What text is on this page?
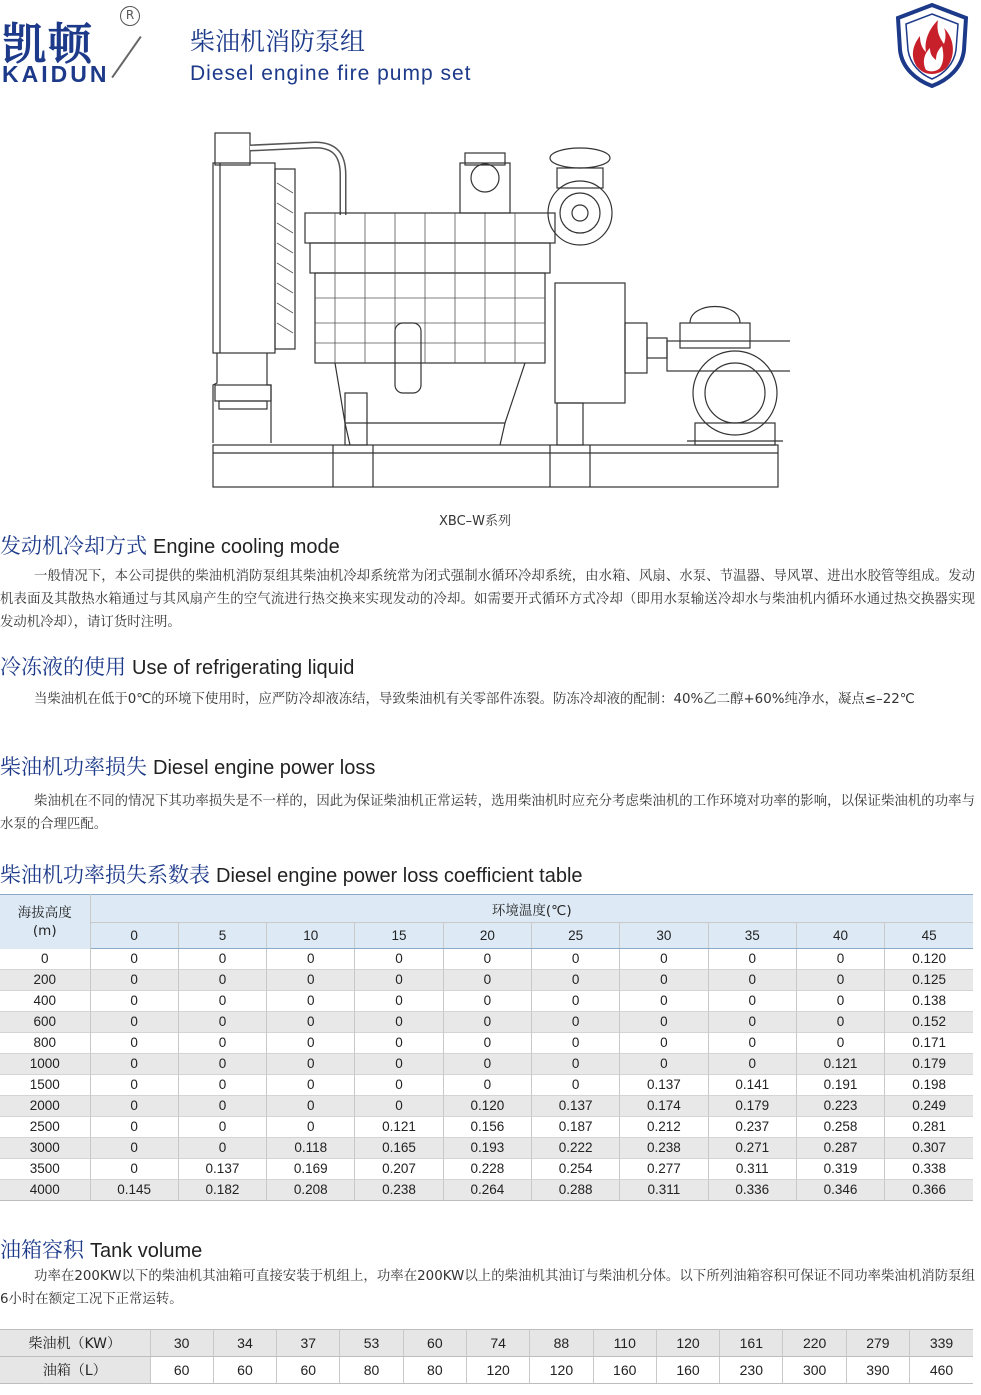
凯顿
R
KAIDUN
柴油机消防泵组
Diesel engine fire pump set
XBC–W系列
发动机冷却方式 Engine cooling mode

一般情况下，本公司提供的柴油机消防泵组其柴油机冷却系统常为闭式强制水循环冷却系统，由水箱、风扇、水泵、节温器、导风罩、进出水胶管等组成。发动机表面及其散热水箱通过与其风扇产生的空气流进行热交换来实现发动的冷却。如需要开式循环方式冷却（即用水泵输送冷却水与柴油机内循环水通过热交换器实现发动机冷却），请订货时注明。

冷冻液的使用 Use of refrigerating liquid

当柴油机在低于0℃的环境下使用时，应严防冷却液冻结，导致柴油机有关零部件冻裂。防冻冷却液的配制：40%乙二醇+60%纯净水，凝点≤–22℃

柴油机功率损失 Diesel engine power loss

柴油机在不同的情况下其功率损失是不一样的，因此为保证柴油机正常运转，选用柴油机时应充分考虑柴油机的工作环境对功率的影响，以保证柴油机的功率与水泵的合理匹配。

柴油机功率损失系数表 Diesel engine power loss coefficient table
海拔高度
(m)	环境温度(℃)									
	0	5	10	15	20	25	30	35	40	45
0	0	0	0	0	0	0	0	0	0	0.120
200	0	0	0	0	0	0	0	0	0	0.125
400	0	0	0	0	0	0	0	0	0	0.138
600	0	0	0	0	0	0	0	0	0	0.152
800	0	0	0	0	0	0	0	0	0	0.171
1000	0	0	0	0	0	0	0	0	0.121	0.179
1500	0	0	0	0	0	0	0.137	0.141	0.191	0.198
2000	0	0	0	0	0.120	0.137	0.174	0.179	0.223	0.249
2500	0	0	0	0.121	0.156	0.187	0.212	0.237	0.258	0.281
3000	0	0	0.118	0.165	0.193	0.222	0.238	0.271	0.287	0.307
3500	0	0.137	0.169	0.207	0.228	0.254	0.277	0.311	0.319	0.338
4000	0.145	0.182	0.208	0.238	0.264	0.288	0.311	0.336	0.346	0.366
油箱容积 Tank volume

功率在200KW以下的柴油机其油箱可直接安装于机组上，功率在200KW以上的柴油机其油订与柴油机分体。以下所列油箱容积可保证不同功率柴油机消防泵组6小时在额定工况下正常运转。

柴油机（KW）	30	34	37	53	60	74	88	110	120	161	220	279	339
油箱（L）	60	60	60	80	80	120	120	160	160	230	300	390	460
